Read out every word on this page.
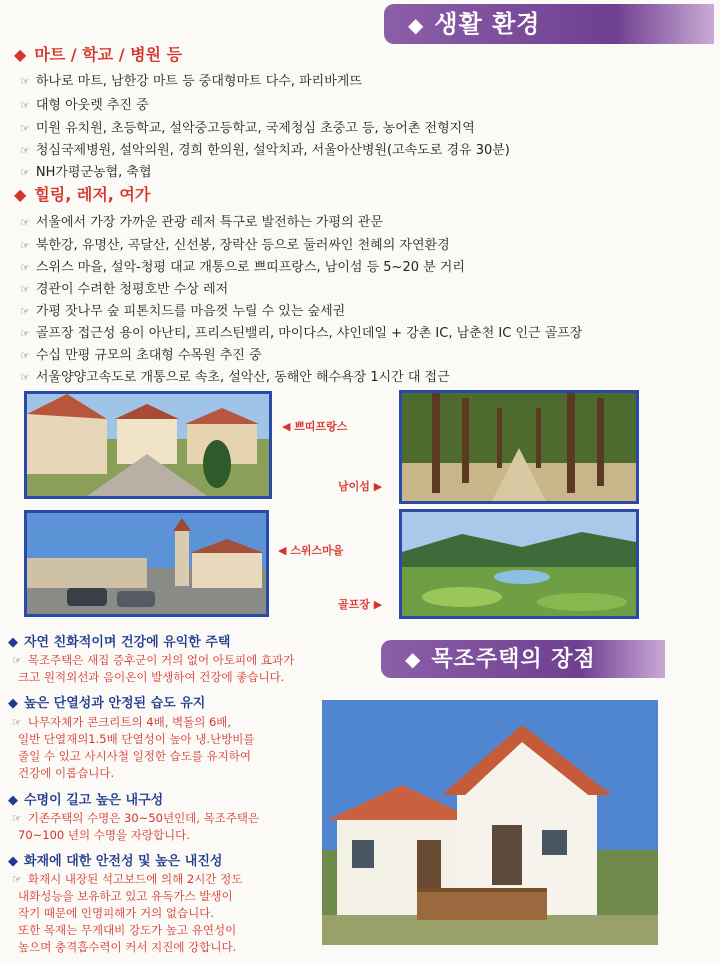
◆ 생활 환경
◆ 마트 / 학교 / 병원 등
☞ 하나로 마트, 남한강 마트 등 중대형마트 다수, 파리바게뜨
☞ 대형 아웃렛 추진 중
☞ 미원 유치원, 초등학교, 설악중고등학교, 국제청심 초중고 등, 농어촌 전형지역
☞ 청심국제병원, 설악의원, 경희 한의원, 설악치과, 서울아산병원(고속도로 경유 30분)
☞ NH가평군농협, 축협
◆ 힐링, 레저, 여가
☞ 서울에서 가장 가까운 관광 레저 특구로 발전하는 가평의 관문
☞ 북한강, 유명산, 곡달산, 신선봉, 장락산 등으로 둘러싸인 천혜의 자연환경
☞ 스위스 마을, 설악-청평 대교 개통으로 쁘띠프랑스, 남이섬 등 5~20 분 거리
☞ 경관이 수려한 청평호반 수상 레저
☞ 가평 잣나무 숲 피톤치드를 마음껏 누릴 수 있는 숲세권
☞ 골프장 접근성 용이 아난티, 프리스틴밸리, 마이다스, 샤인데일 + 강촌 IC, 남춘천 IC 인근 골프장
☞ 수십 만평 규모의 초대형 수목원 추진 중
☞ 서울양양고속도로 개통으로 속초, 설악산, 동해안 해수욕장 1시간 대 접근
◀ 쁘띠프랑스
남이섬 ▶
◀ 스위스마을
골프장 ▶
◆ 목조주택의 장점
◆ 자연 친화적이며 건강에 유익한 주택
☞ 목조주택은 새집 증후군이 거의 없어 아토피에 효과가
크고 원적외선과 음이온이 발생하여 건강에 좋습니다.
◆ 높은 단열성과 안정된 습도 유지
☞ 나무자체가 콘크리트의 4배, 벽돌의 6배,
일반 단열재의1.5배 단열성이 높아 냉.난방비를
줄일 수 있고 사시사철 일정한 습도를 유지하여
건강에 이롭습니다.
◆ 수명이 길고 높은 내구성
☞ 기존주택의 수명은 30~50년인데, 목조주택은
70~100 년의 수명을 자랑합니다.
◆ 화재에 대한 안전성 및 높은 내진성
☞ 화재시 내장된 석고보드에 의해 2시간 정도
내화성능을 보유하고 있고 유독가스 발생이
작기 때문에 인명피해가 거의 없습니다.
또한 목재는 무게대비 강도가 높고 유연성이
높으며 충격흡수력이 커서 지진에 강합니다.
